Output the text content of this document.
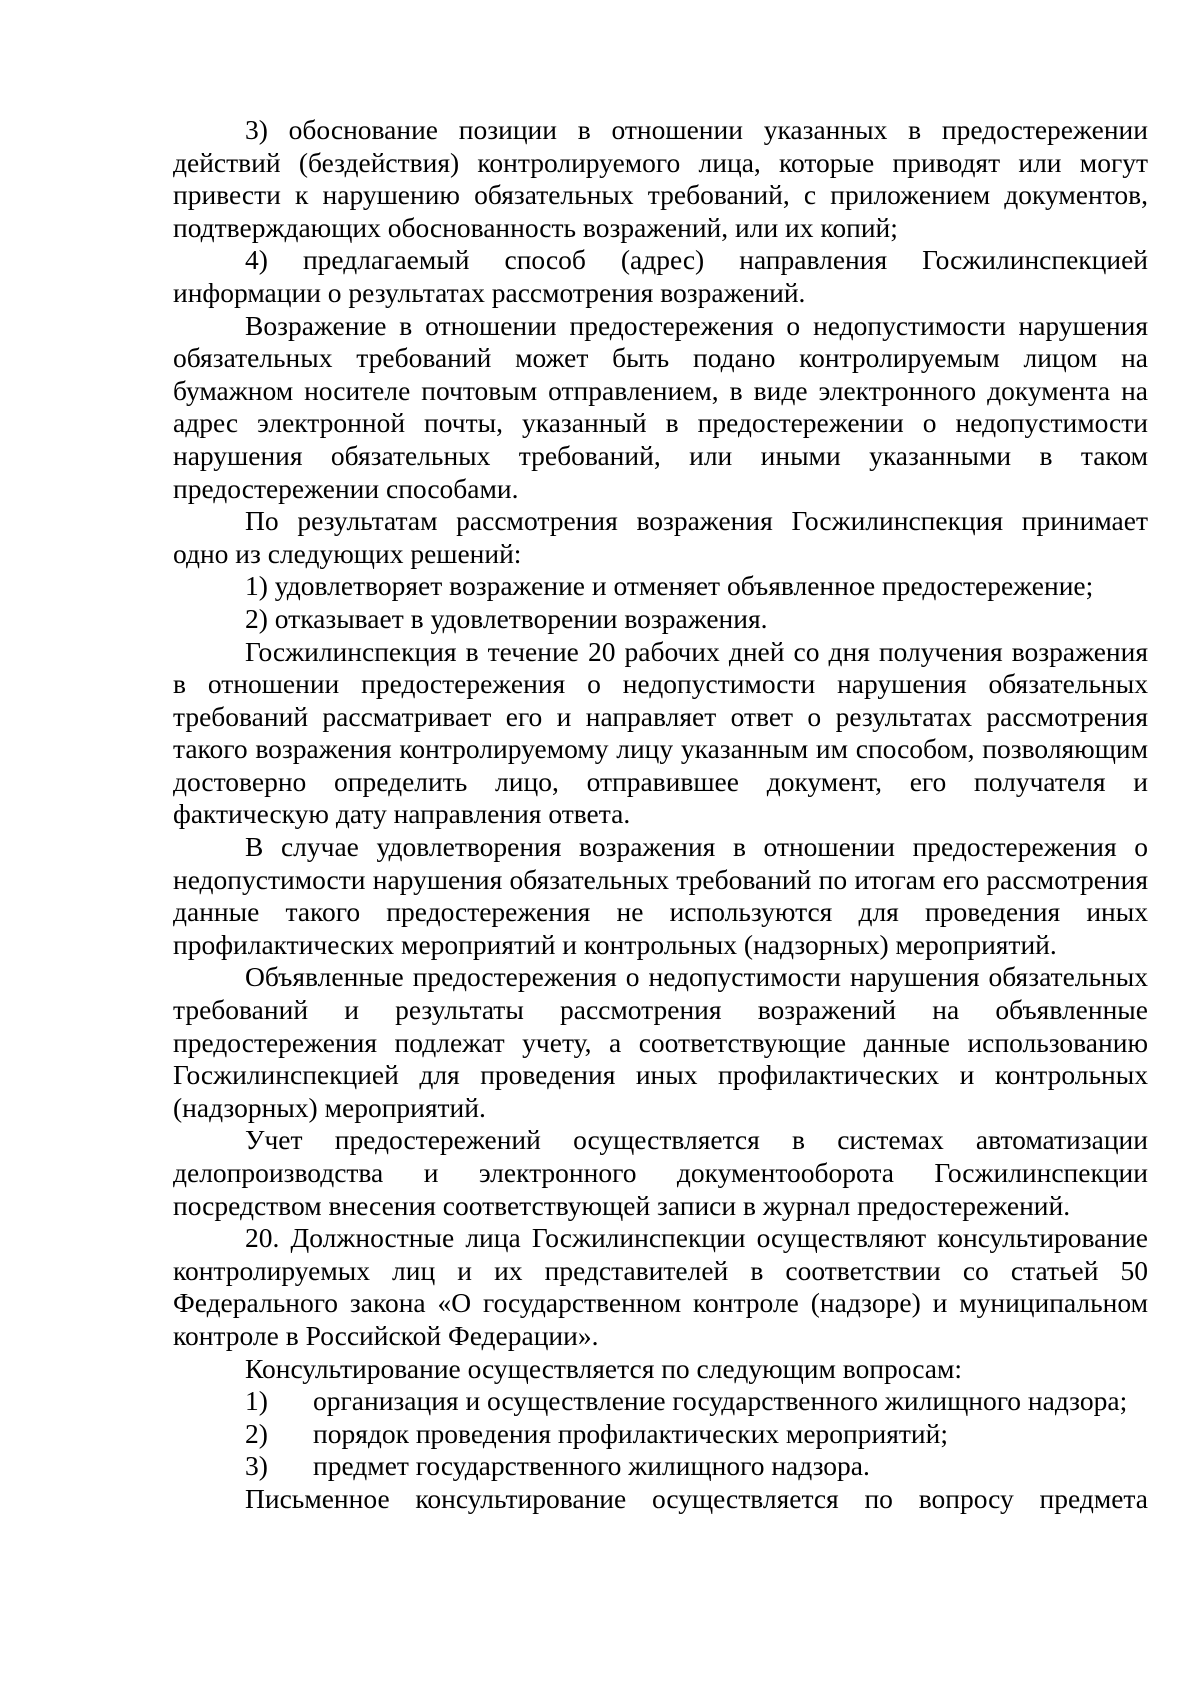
3) обоснование позиции в отношении указанных в предостережении действий (бездействия) контролируемого лица, которые приводят или могут привести к нарушению обязательных требований, с приложением документов, подтверждающих обоснованность возражений, или их копий;

4) предлагаемый способ (адрес) направления Госжилинспекцией информации о результатах рассмотрения возражений.

Возражение в отношении предостережения о недопустимости нарушения обязательных требований может быть подано контролируемым лицом на бумажном носителе почтовым отправлением, в виде электронного документа на адрес электронной почты, указанный в предостережении о недопустимости нарушения обязательных требований, или иными указанными в таком предостережении способами.

По результатам рассмотрения возражения Госжилинспекция принимает одно из следующих решений:

1) удовлетворяет возражение и отменяет объявленное предостережение;

2) отказывает в удовлетворении возражения.

Госжилинспекция в течение 20 рабочих дней со дня получения возражения в отношении предостережения о недопустимости нарушения обязательных требований рассматривает его и направляет ответ о результатах рассмотрения такого возражения контролируемому лицу указанным им способом, позволяющим достоверно определить лицо, отправившее документ, его получателя и фактическую дату направления ответа.

В случае удовлетворения возражения в отношении предостережения о недопустимости нарушения обязательных требований по итогам его рассмотрения данные такого предостережения не используются для проведения иных профилактических мероприятий и контрольных (надзорных) мероприятий.

Объявленные предостережения о недопустимости нарушения обязательных требований и результаты рассмотрения возражений на объявленные предостережения подлежат учету, а соответствующие данные использованию Госжилинспекцией для проведения иных профилактических и контрольных (надзорных) мероприятий.

Учет предостережений осуществляется в системах автоматизации делопроизводства и электронного документооборота Госжилинспекции посредством внесения соответствующей записи в журнал предостережений.

20. Должностные лица Госжилинспекции осуществляют консультирование контролируемых лиц и их представителей в соответствии со статьей 50 Федерального закона «О государственном контроле (надзоре) и муниципальном контроле в Российской Федерации».

Консультирование осуществляется по следующим вопросам:

1) организация и осуществление государственного жилищного надзора;

2) порядок проведения профилактических мероприятий;

3) предмет государственного жилищного надзора.

Письменное консультирование осуществляется по вопросу предмета
